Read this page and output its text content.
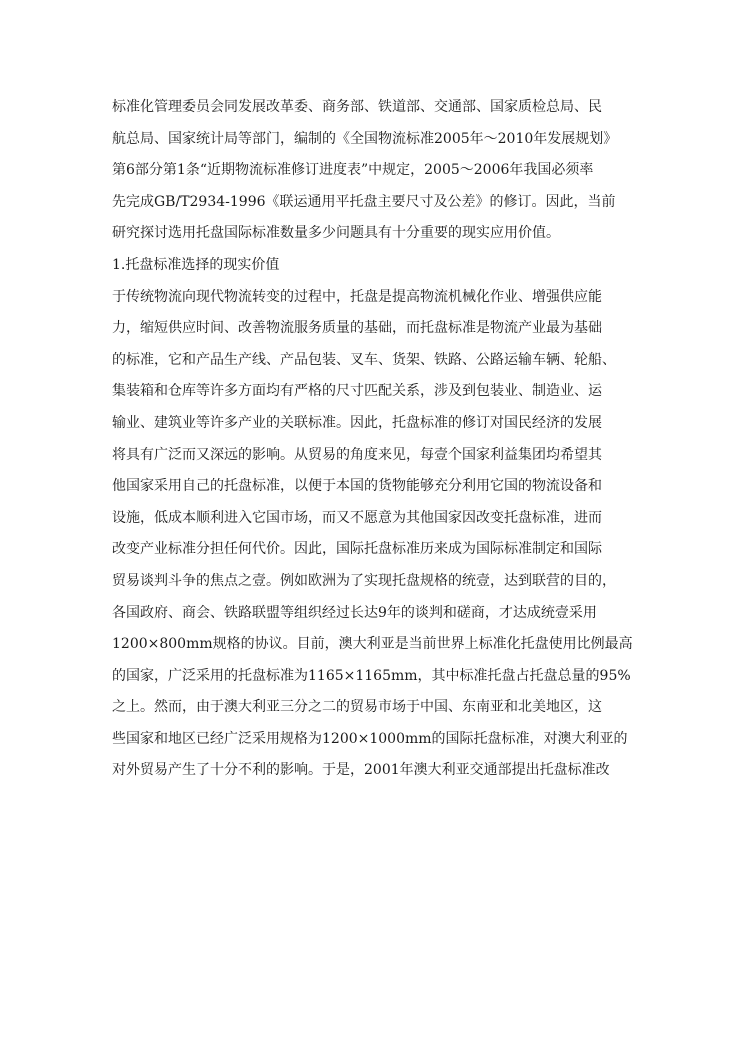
标准化管理委员会同发展改革委、商务部、铁道部、交通部、国家质检总局、民
航总局、国家统计局等部门，编制的《全国物流标准2005年～2010年发展规划》
第6部分第1条“近期物流标准修订进度表”中规定，2005～2006年我国必须率
先完成GB/T2934-1996《联运通用平托盘主要尺寸及公差》的修订。因此，当前
研究探讨选用托盘国际标准数量多少问题具有十分重要的现实应用价值。
1.托盘标准选择的现实价值
于传统物流向现代物流转变的过程中，托盘是提高物流机械化作业、增强供应能
力，缩短供应时间、改善物流服务质量的基础，而托盘标准是物流产业最为基础
的标准，它和产品生产线、产品包装、叉车、货架、铁路、公路运输车辆、轮船、
集装箱和仓库等许多方面均有严格的尺寸匹配关系，涉及到包装业、制造业、运
输业、建筑业等许多产业的关联标准。因此，托盘标准的修订对国民经济的发展
将具有广泛而又深远的影响。从贸易的角度来见，每壹个国家利益集团均希望其
他国家采用自己的托盘标准，以便于本国的货物能够充分利用它国的物流设备和
设施，低成本顺利进入它国市场，而又不愿意为其他国家因改变托盘标准，进而
改变产业标准分担任何代价。因此，国际托盘标准历来成为国际标准制定和国际
贸易谈判斗争的焦点之壹。例如欧洲为了实现托盘规格的统壹，达到联营的目的，
各国政府、商会、铁路联盟等组织经过长达9年的谈判和磋商，才达成统壹采用
1200×800mm规格的协议。目前，澳大利亚是当前世界上标准化托盘使用比例最高
的国家，广泛采用的托盘标准为1165×1165mm，其中标准托盘占托盘总量的95%
之上。然而，由于澳大利亚三分之二的贸易市场于中国、东南亚和北美地区，这
些国家和地区已经广泛采用规格为1200×1000mm的国际托盘标准，对澳大利亚的
对外贸易产生了十分不利的影响。于是，2001年澳大利亚交通部提出托盘标准改
